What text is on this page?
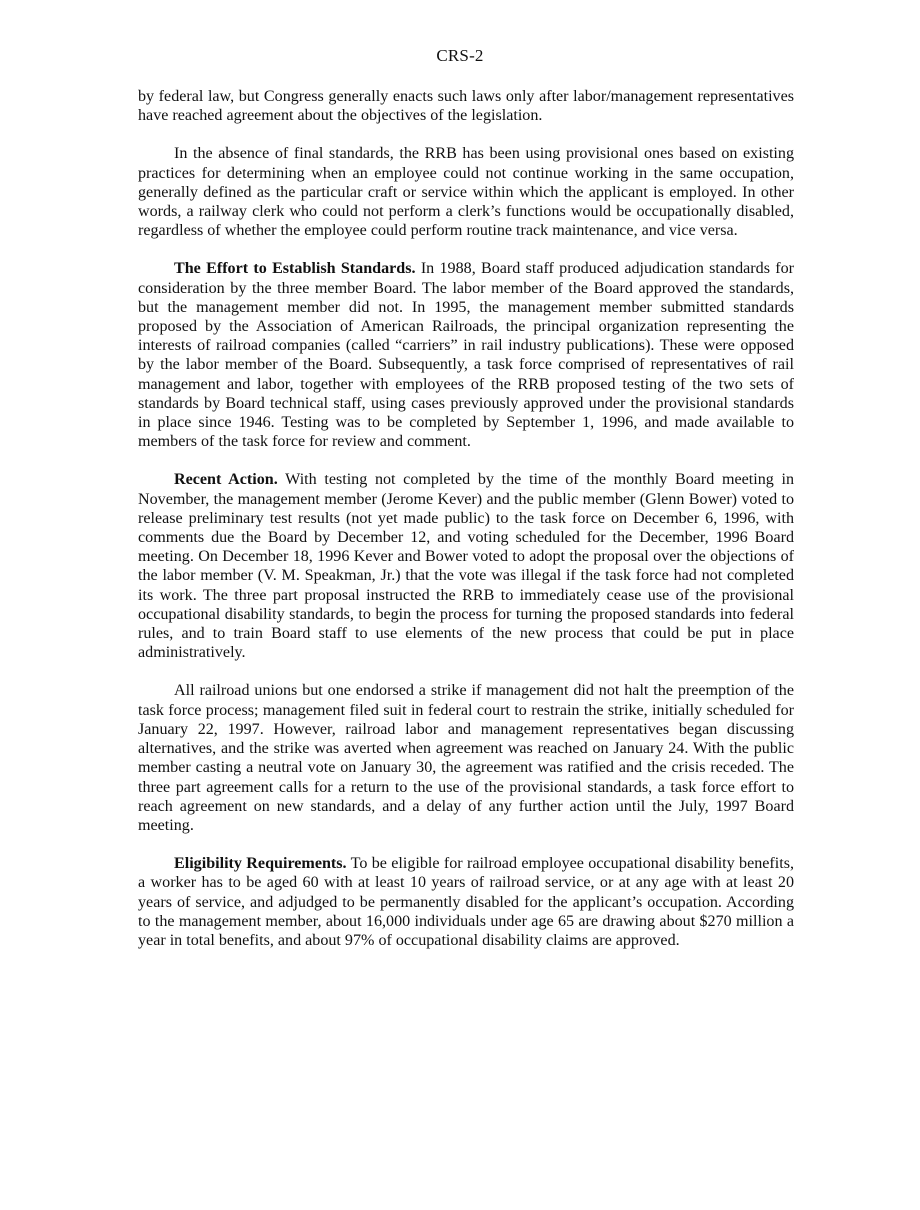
CRS-2

by federal law, but Congress generally enacts such laws only after labor/management representatives have reached agreement about the objectives of the legislation.

In the absence of final standards, the RRB has been using provisional ones based on existing practices for determining when an employee could not continue working in the same occupation, generally defined as the particular craft or service within which the applicant is employed. In other words, a railway clerk who could not perform a clerk’s functions would be occupationally disabled, regardless of whether the employee could perform routine track maintenance, and vice versa.

The Effort to Establish Standards. In 1988, Board staff produced adjudication standards for consideration by the three member Board. The labor member of the Board approved the standards, but the management member did not. In 1995, the management member submitted standards proposed by the Association of American Railroads, the principal organization representing the interests of railroad companies (called “carriers” in rail industry publications). These were opposed by the labor member of the Board. Subsequently, a task force comprised of representatives of rail management and labor, together with employees of the RRB proposed testing of the two sets of standards by Board technical staff, using cases previously approved under the provisional standards in place since 1946. Testing was to be completed by September 1, 1996, and made available to members of the task force for review and comment.

Recent Action. With testing not completed by the time of the monthly Board meeting in November, the management member (Jerome Kever) and the public member (Glenn Bower) voted to release preliminary test results (not yet made public) to the task force on December 6, 1996, with comments due the Board by December 12, and voting scheduled for the December, 1996 Board meeting. On December 18, 1996 Kever and Bower voted to adopt the proposal over the objections of the labor member (V. M. Speakman, Jr.) that the vote was illegal if the task force had not completed its work. The three part proposal instructed the RRB to immediately cease use of the provisional occupational disability standards, to begin the process for turning the proposed standards into federal rules, and to train Board staff to use elements of the new process that could be put in place administratively.

All railroad unions but one endorsed a strike if management did not halt the preemption of the task force process; management filed suit in federal court to restrain the strike, initially scheduled for January 22, 1997. However, railroad labor and management representatives began discussing alternatives, and the strike was averted when agreement was reached on January 24. With the public member casting a neutral vote on January 30, the agreement was ratified and the crisis receded. The three part agreement calls for a return to the use of the provisional standards, a task force effort to reach agreement on new standards, and a delay of any further action until the July, 1997 Board meeting.

Eligibility Requirements. To be eligible for railroad employee occupational disability benefits, a worker has to be aged 60 with at least 10 years of railroad service, or at any age with at least 20 years of service, and adjudged to be permanently disabled for the applicant’s occupation. According to the management member, about 16,000 individuals under age 65 are drawing about $270 million a year in total benefits, and about 97% of occupational disability claims are approved.
